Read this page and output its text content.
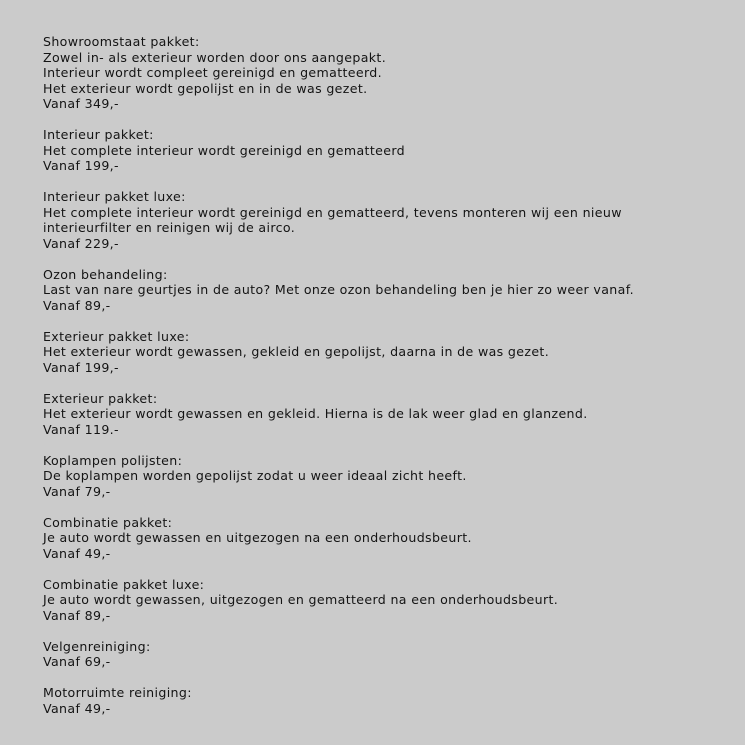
Showroomstaat pakket:
Zowel in- als exterieur worden door ons aangepakt.
Interieur wordt compleet gereinigd en gematteerd.
Het exterieur wordt gepolijst en in de was gezet.
Vanaf 349,-
Interieur pakket:
Het complete interieur wordt gereinigd en gematteerd
Vanaf 199,-
Interieur pakket luxe:
Het complete interieur wordt gereinigd en gematteerd, tevens monteren wij een nieuw
interieurfilter en reinigen wij de airco.
Vanaf 229,-
Ozon behandeling:
Last van nare geurtjes in de auto? Met onze ozon behandeling ben je hier zo weer vanaf.
Vanaf 89,-
Exterieur pakket luxe:
Het exterieur wordt gewassen, gekleid en gepolijst, daarna in de was gezet.
Vanaf 199,-
Exterieur pakket:
Het exterieur wordt gewassen en gekleid. Hierna is de lak weer glad en glanzend.
Vanaf 119.-
Koplampen polijsten:
De koplampen worden gepolijst zodat u weer ideaal zicht heeft.
Vanaf 79,-
Combinatie pakket:
Je auto wordt gewassen en uitgezogen na een onderhoudsbeurt.
Vanaf 49,-
Combinatie pakket luxe:
Je auto wordt gewassen, uitgezogen en gematteerd na een onderhoudsbeurt.
Vanaf 89,-
Velgenreiniging:
Vanaf 69,-
Motorruimte reiniging:
Vanaf 49,-
